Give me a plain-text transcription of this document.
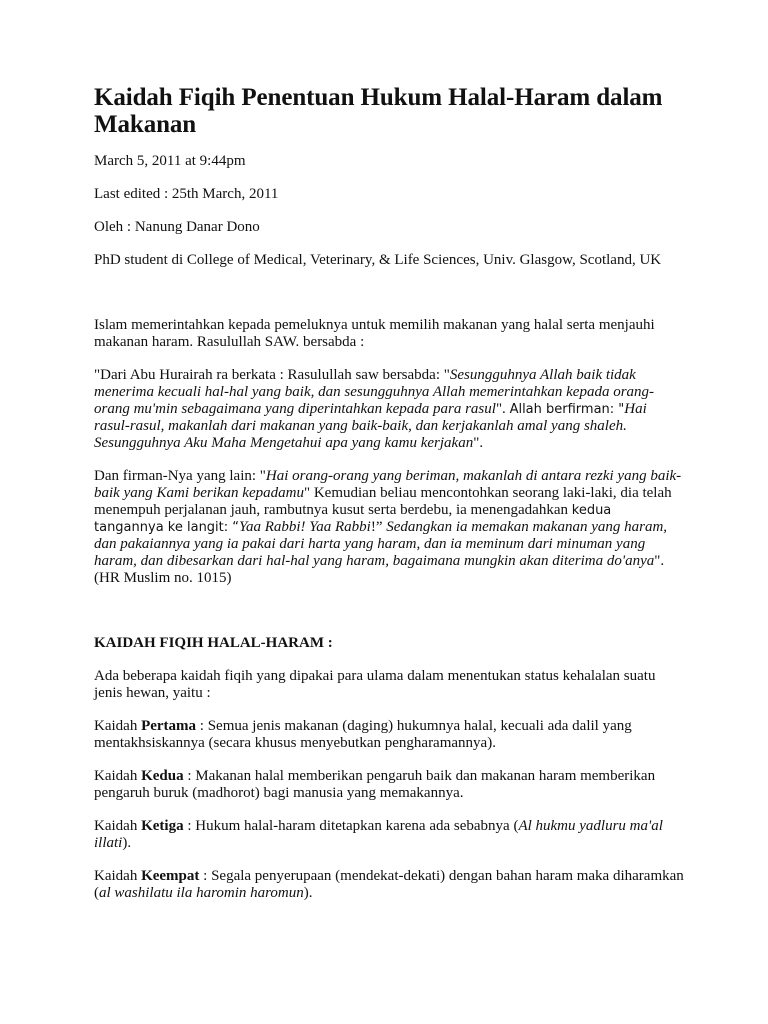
Kaidah Fiqih Penentuan Hukum Halal-Haram dalam Makanan

March 5, 2011 at 9:44pm

Last edited : 25th March, 2011

Oleh : Nanung Danar Dono

PhD student di College of Medical, Veterinary, & Life Sciences, Univ. Glasgow, Scotland, UK

Islam memerintahkan kepada pemeluknya untuk memilih makanan yang halal serta menjauhi makanan haram. Rasulullah SAW. bersabda :

"Dari Abu Hurairah ra berkata : Rasulullah saw bersabda: "Sesungguhnya Allah baik tidak menerima kecuali hal-hal yang baik, dan sesungguhnya Allah memerintahkan kepada orang-orang mu'min sebagaimana yang diperintahkan kepada para rasul". Allah berfirman: "Hai rasul-rasul, makanlah dari makanan yang baik-baik, dan kerjakanlah amal yang shaleh. Sesungguhnya Aku Maha Mengetahui apa yang kamu kerjakan".

Dan firman-Nya yang lain: "Hai orang-orang yang beriman, makanlah di antara rezki yang baik-baik yang Kami berikan kepadamu" Kemudian beliau mencontohkan seorang laki-laki, dia telah menempuh perjalanan jauh, rambutnya kusut serta berdebu, ia menengadahkan kedua tangannya ke langit: “Yaa Rabbi! Yaa Rabbi!” Sedangkan ia memakan makanan yang haram, dan pakaiannya yang ia pakai dari harta yang haram, dan ia meminum dari minuman yang haram, dan dibesarkan dari hal-hal yang haram, bagaimana mungkin akan diterima do'anya". (HR Muslim no. 1015)

KAIDAH FIQIH HALAL-HARAM :

Ada beberapa kaidah fiqih yang dipakai para ulama dalam menentukan status kehalalan suatu jenis hewan, yaitu :

Kaidah Pertama : Semua jenis makanan (daging) hukumnya halal, kecuali ada dalil yang mentakhsiskannya (secara khusus menyebutkan pengharamannya).

Kaidah Kedua : Makanan halal memberikan pengaruh baik dan makanan haram memberikan pengaruh buruk (madhorot) bagi manusia yang memakannya.

Kaidah Ketiga : Hukum halal-haram ditetapkan karena ada sebabnya (Al hukmu yadluru ma'al illati).

Kaidah Keempat : Segala penyerupaan (mendekat-dekati) dengan bahan haram maka diharamkan (al washilatu ila haromin haromun).
